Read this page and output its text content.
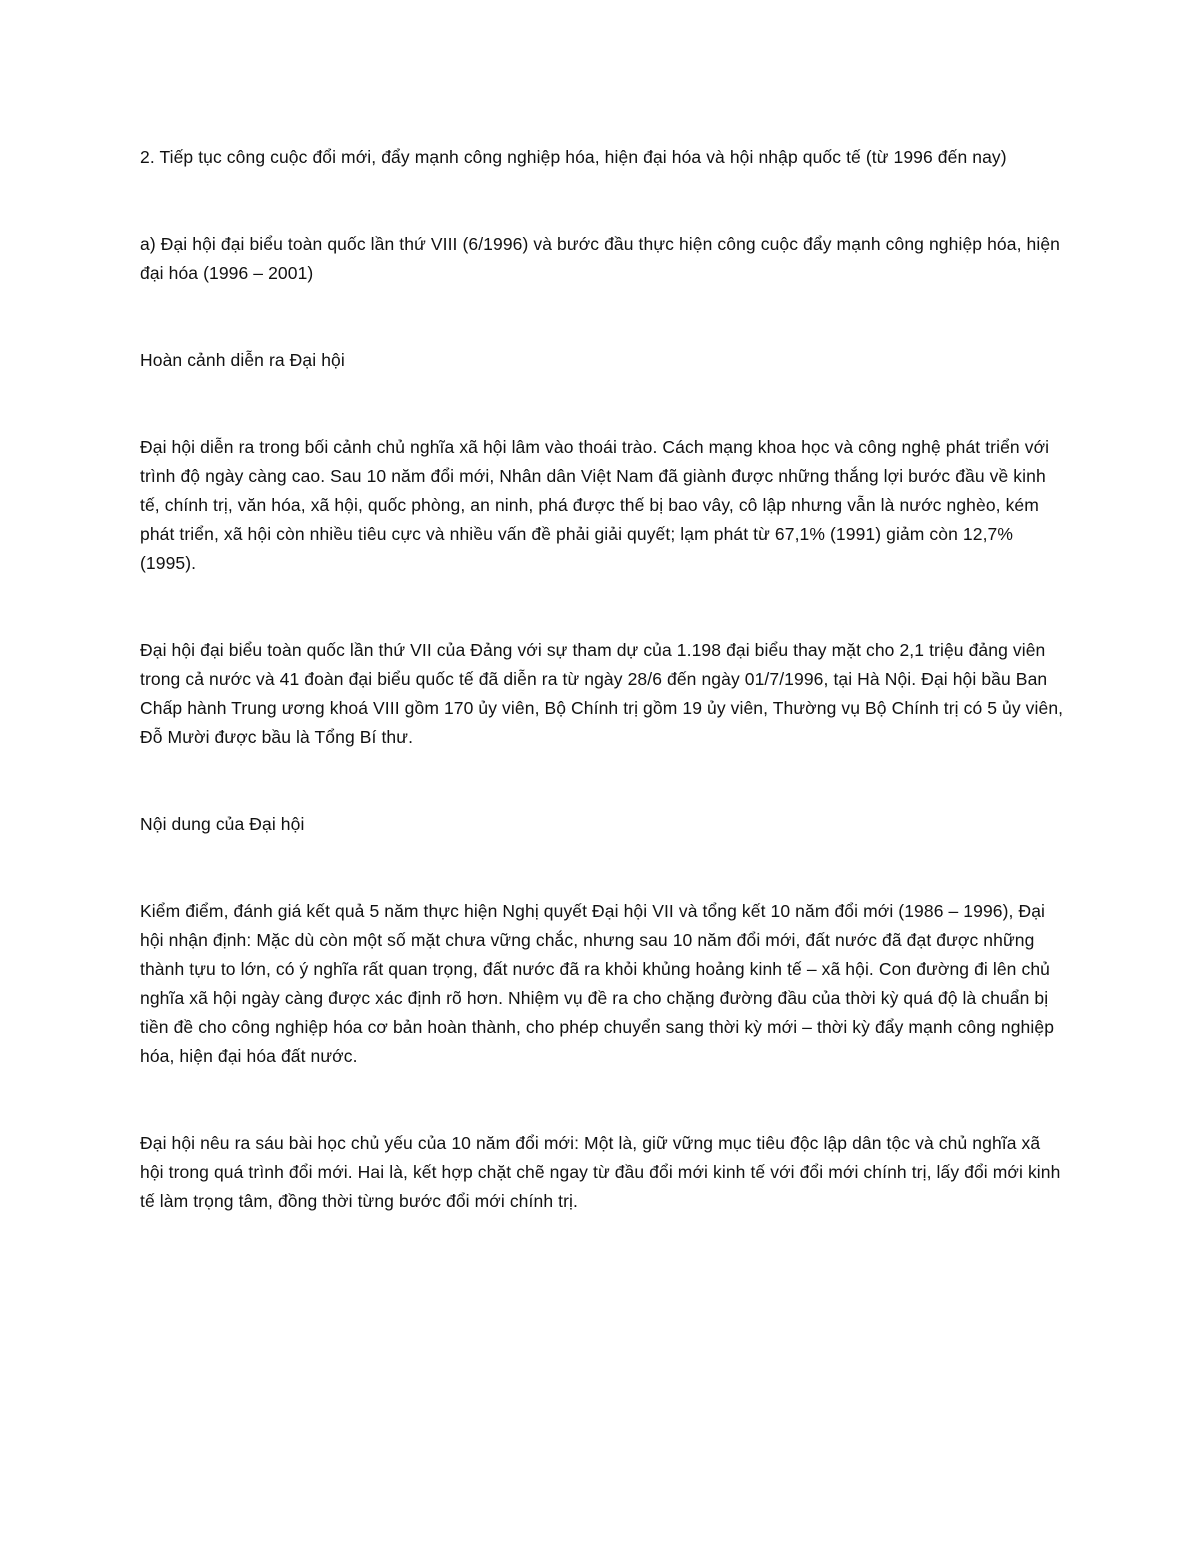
2. Tiếp tục công cuộc đổi mới, đẩy mạnh công nghiệp hóa, hiện đại hóa và hội nhập quốc tế (từ 1996 đến nay)

a) Đại hội đại biểu toàn quốc lần thứ VIII (6/1996) và bước đầu thực hiện công cuộc đẩy mạnh công nghiệp hóa, hiện đại hóa (1996 – 2001)

Hoàn cảnh diễn ra Đại hội

Đại hội diễn ra trong bối cảnh chủ nghĩa xã hội lâm vào thoái trào. Cách mạng khoa học và công nghệ phát triển với trình độ ngày càng cao. Sau 10 năm đổi mới, Nhân dân Việt Nam đã giành được những thắng lợi bước đầu về kinh tế, chính trị, văn hóa, xã hội, quốc phòng, an ninh, phá được thế bị bao vây, cô lập nhưng vẫn là nước nghèo, kém phát triển, xã hội còn nhiều tiêu cực và nhiều vấn đề phải giải quyết; lạm phát từ 67,1% (1991) giảm còn 12,7% (1995).

Đại hội đại biểu toàn quốc lần thứ VII của Đảng với sự tham dự của 1.198 đại biểu thay mặt cho 2,1 triệu đảng viên trong cả nước và 41 đoàn đại biểu quốc tế đã diễn ra từ ngày 28/6 đến ngày 01/7/1996, tại Hà Nội. Đại hội bầu Ban Chấp hành Trung ương khoá VIII gồm 170 ủy viên, Bộ Chính trị gồm 19 ủy viên, Thường vụ Bộ Chính trị có 5 ủy viên, Đỗ Mười được bầu là Tổng Bí thư.

Nội dung của Đại hội

Kiểm điểm, đánh giá kết quả 5 năm thực hiện Nghị quyết Đại hội VII và tổng kết 10 năm đổi mới (1986 – 1996), Đại hội nhận định: Mặc dù còn một số mặt chưa vững chắc, nhưng sau 10 năm đổi mới, đất nước đã đạt được những thành tựu to lớn, có ý nghĩa rất quan trọng, đất nước đã ra khỏi khủng hoảng kinh tế – xã hội. Con đường đi lên chủ nghĩa xã hội ngày càng được xác định rõ hơn. Nhiệm vụ đề ra cho chặng đường đầu của thời kỳ quá độ là chuẩn bị tiền đề cho công nghiệp hóa cơ bản hoàn thành, cho phép chuyển sang thời kỳ mới – thời kỳ đẩy mạnh công nghiệp hóa, hiện đại hóa đất nước.

Đại hội nêu ra sáu bài học chủ yếu của 10 năm đổi mới: Một là, giữ vững mục tiêu độc lập dân tộc và chủ nghĩa xã hội trong quá trình đổi mới. Hai là, kết hợp chặt chẽ ngay từ đầu đổi mới kinh tế với đổi mới chính trị, lấy đổi mới kinh tế làm trọng tâm, đồng thời từng bước đổi mới chính trị.
